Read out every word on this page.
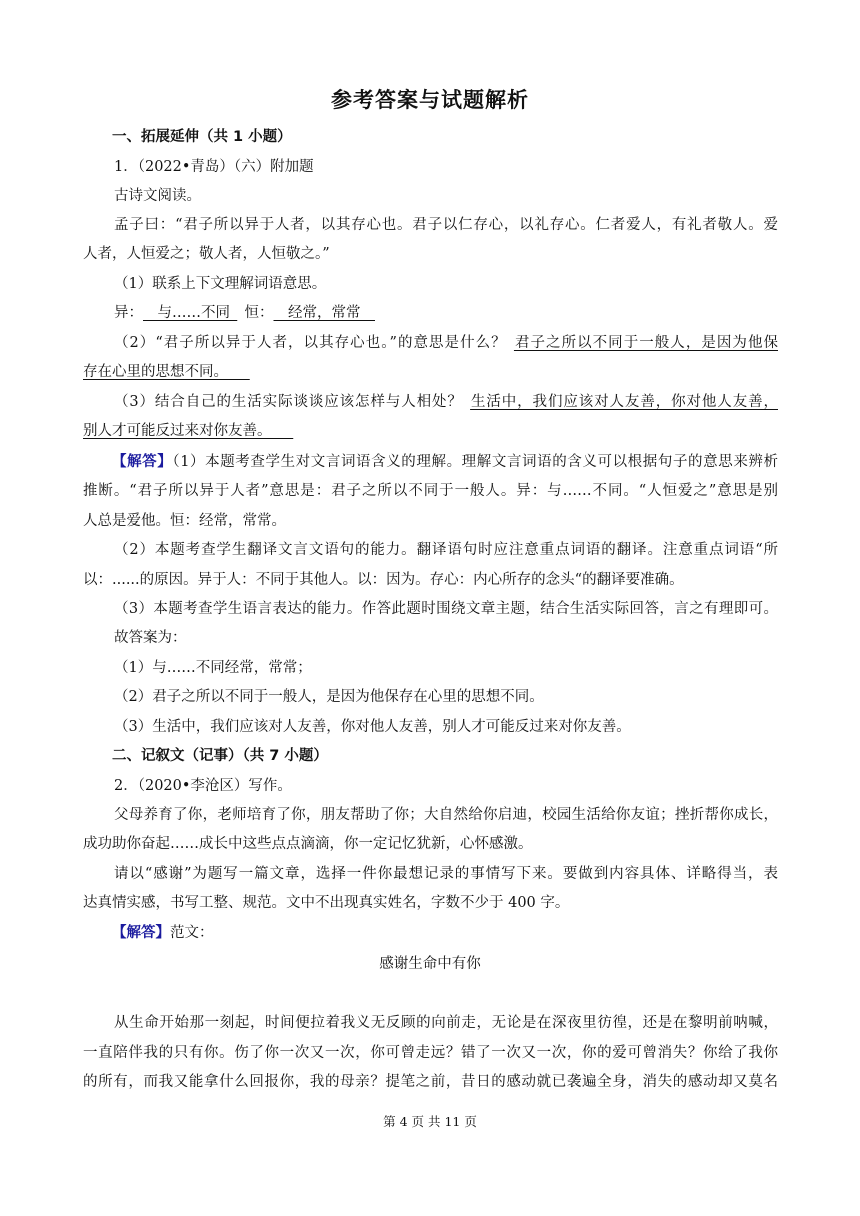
参考答案与试题解析
一、拓展延伸（共 1 小题）
1．（2022•青岛）（六）附加题
古诗文阅读。
孟子曰：“君子所以异于人者，以其存心也。君子以仁存心，以礼存心。仁者爱人，有礼者敬人。爱
人者，人恒爱之；敬人者，人恒敬之。”
（1）联系上下文理解词语意思。
异：   与……不同   恒：   经常，常常  
（2）“君子所以异于人者，以其存心也。”的意思是什么？  君子之所以不同于一般人，是因为他保
存在心里的思想不同。   
（3）结合自己的生活实际谈谈应该怎样与人相处？  生活中，我们应该对人友善，你对他人友善，
别人才可能反过来对你友善。   
【解答】（1）本题考查学生对文言词语含义的理解。理解文言词语的含义可以根据句子的意思来辨析
推断。“君子所以异于人者”意思是：君子之所以不同于一般人。异：与……不同。“人恒爱之”意思是别
人总是爱他。恒：经常，常常。
（2）本题考查学生翻译文言文语句的能力。翻译语句时应注意重点词语的翻译。注意重点词语“所
以：......的原因。异于人：不同于其他人。以：因为。存心：内心所存的念头“的翻译要准确。
（3）本题考查学生语言表达的能力。作答此题时围绕文章主题，结合生活实际回答，言之有理即可。
故答案为：
（1）与……不同经常，常常；
（2）君子之所以不同于一般人，是因为他保存在心里的思想不同。
（3）生活中，我们应该对人友善，你对他人友善，别人才可能反过来对你友善。
二、记叙文（记事）（共 7 小题）
2．（2020•李沧区）写作。
父母养育了你，老师培育了你，朋友帮助了你；大自然给你启迪，校园生活给你友谊；挫折帮你成长，
成功助你奋起……成长中这些点点滴滴，你一定记忆犹新，心怀感激。
请以“感谢”为题写一篇文章，选择一件你最想记录的事情写下来。要做到内容具体、详略得当，表
达真情实感，书写工整、规范。文中不出现真实姓名，字数不少于 400 字。
【解答】范文：
感谢生命中有你
从生命开始那一刻起，时间便拉着我义无反顾的向前走，无论是在深夜里彷徨，还是在黎明前呐喊，
一直陪伴我的只有你。伤了你一次又一次，你可曾走远？错了一次又一次，你的爱可曾消失？你给了我你
的所有，而我又能拿什么回报你，我的母亲？提笔之前，昔日的感动就已袭遍全身，消失的感动却又莫名
第 4 页 共 11 页
